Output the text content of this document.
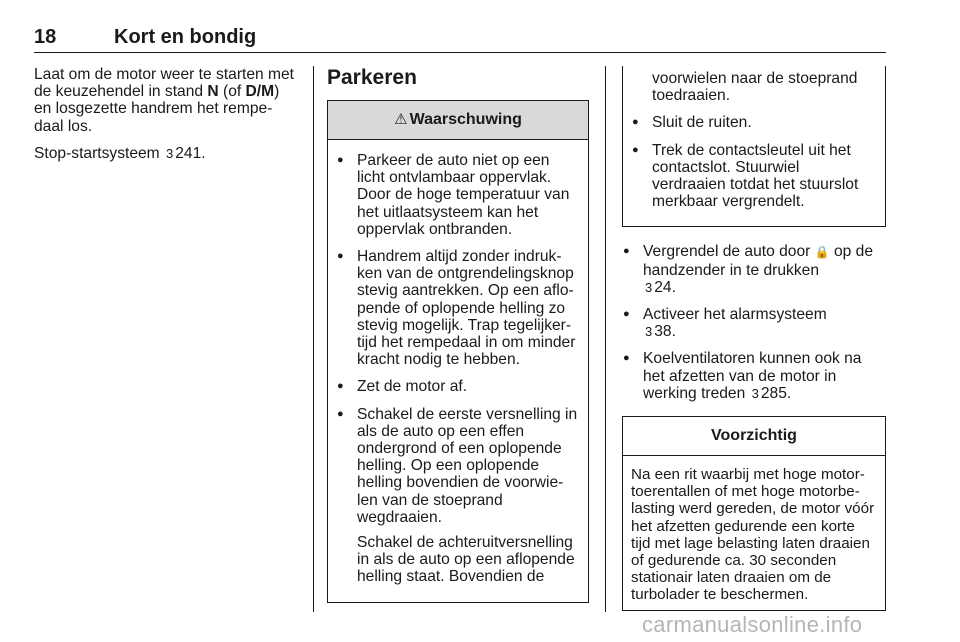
18	Kort en bondig

Laat om de motor weer te starten met de keuzehendel in stand N (of D/M) en losgezette handrem het rempe-daal los.

Stop-startsysteem 3 241.

Parkeren
⚠ Waarschuwing
● Parkeer de auto niet op een licht ontvlambaar oppervlak. Door de hoge temperatuur van het uitlaatsysteem kan het oppervlak ontbranden.
● Handrem altijd zonder indruk-ken van de ontgrendelingsknop stevig aantrekken. Op een aflo-pende of oplopende helling zo stevig mogelijk. Trap tegelijker-tijd het rempedaal in om minder kracht nodig te hebben.
● Zet de motor af.
● Schakel de eerste versnelling in als de auto op een effen ondergrond of een oplopende helling. Op een oplopende helling bovendien de voorwie-len van de stoeprand wegdraaien.
Schakel de achteruitversnelling in als de auto op een aflopende helling staat. Bovendien de
voorwielen naar de stoeprand toedraaien.
● Sluit de ruiten.
● Trek de contactsleutel uit het contactslot. Stuurwiel verdraaien totdat het stuurslot merkbaar vergrendelt.
● Vergrendel de auto door 🔒 op de handzender in te drukken
3 24.
● Activeer het alarmsysteem
3 38.
● Koelventilatoren kunnen ook na het afzetten van de motor in werking treden 3 285.
Voorzichtig
Na een rit waarbij met hoge motor-toerentallen of met hoge motorbe-lasting werd gereden, de motor vóór het afzetten gedurende een korte tijd met lage belasting laten draaien of gedurende ca. 30 seconden stationair laten draaien om de turbolader te beschermen.
carmanualsonline.info
